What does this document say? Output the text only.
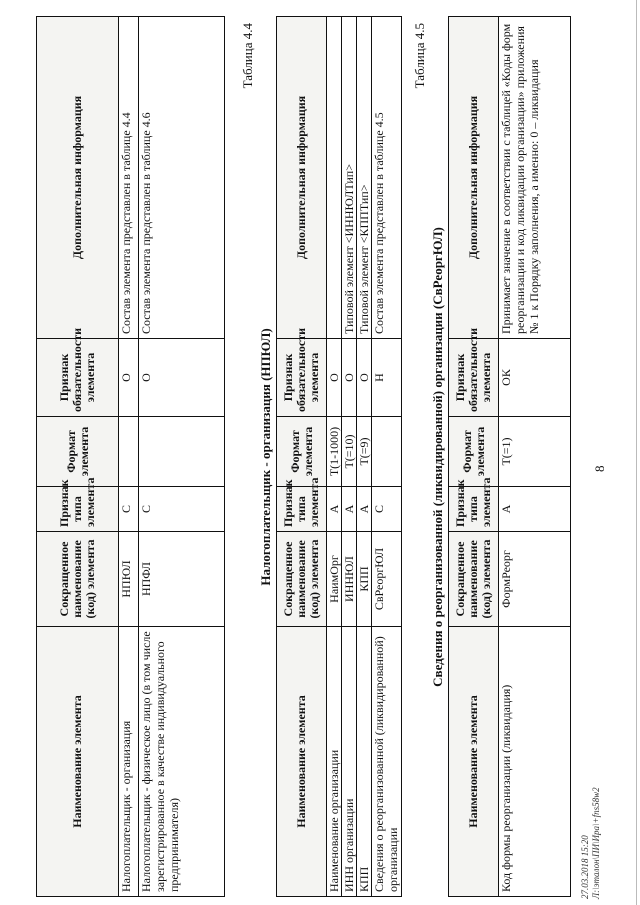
8
Наименование элемента	Сокращенное наименование (код) элемента	Признак типа элемента	Формат элемента	Признак обязательности элемента	Дополнительная информация
Налогоплательщик - организация	НПЮЛ	С		О	Состав элемента представлен в таблице 4.4
Налогоплательщик - физическое лицо (в том числе зарегистрированное в качестве индивидуального предпринимателя)	НПФЛ	С		О	Состав элемента представлен в таблице 4.6
Таблица 4.4
Налогоплательщик - организация (НПЮЛ)
Наименование элемента	Сокращенное наименование (код) элемента	Признак типа элемента	Формат элемента	Признак обязательности элемента	Дополнительная информация
Наименование организации	НаимОрг	А	T(1-1000)	О	
ИНН организации	ИННЮЛ	А	T(=10)	О	Типовой элемент <ИННЮЛТип>
КПП	КПП	А	T(=9)	О	Типовой элемент <КППТип>
Сведения о реорганизованной (ликвидированной) организации	СвРеоргЮЛ	С		Н	Состав элемента представлен в таблице 4.5
Таблица 4.5
Сведения о реорганизованной (ликвидированной) организации (СвРеоргЮЛ)
Наименование элемента	Сокращенное наименование (код) элемента	Признак типа элемента	Формат элемента	Признак обязательности элемента	Дополнительная информация
Код формы реорганизации (ликвидация)	ФормРеорг	А	T(=1)	ОК	Принимает значение в соответствии с таблицей «Коды форм реорганизации и код ликвидации организации» приложения № 1 к Порядку заполнения, а именно: 0 – ликвидация
27.03.2018 15:20 Л:\эталон\ПИ\Ира\+fns58w2
